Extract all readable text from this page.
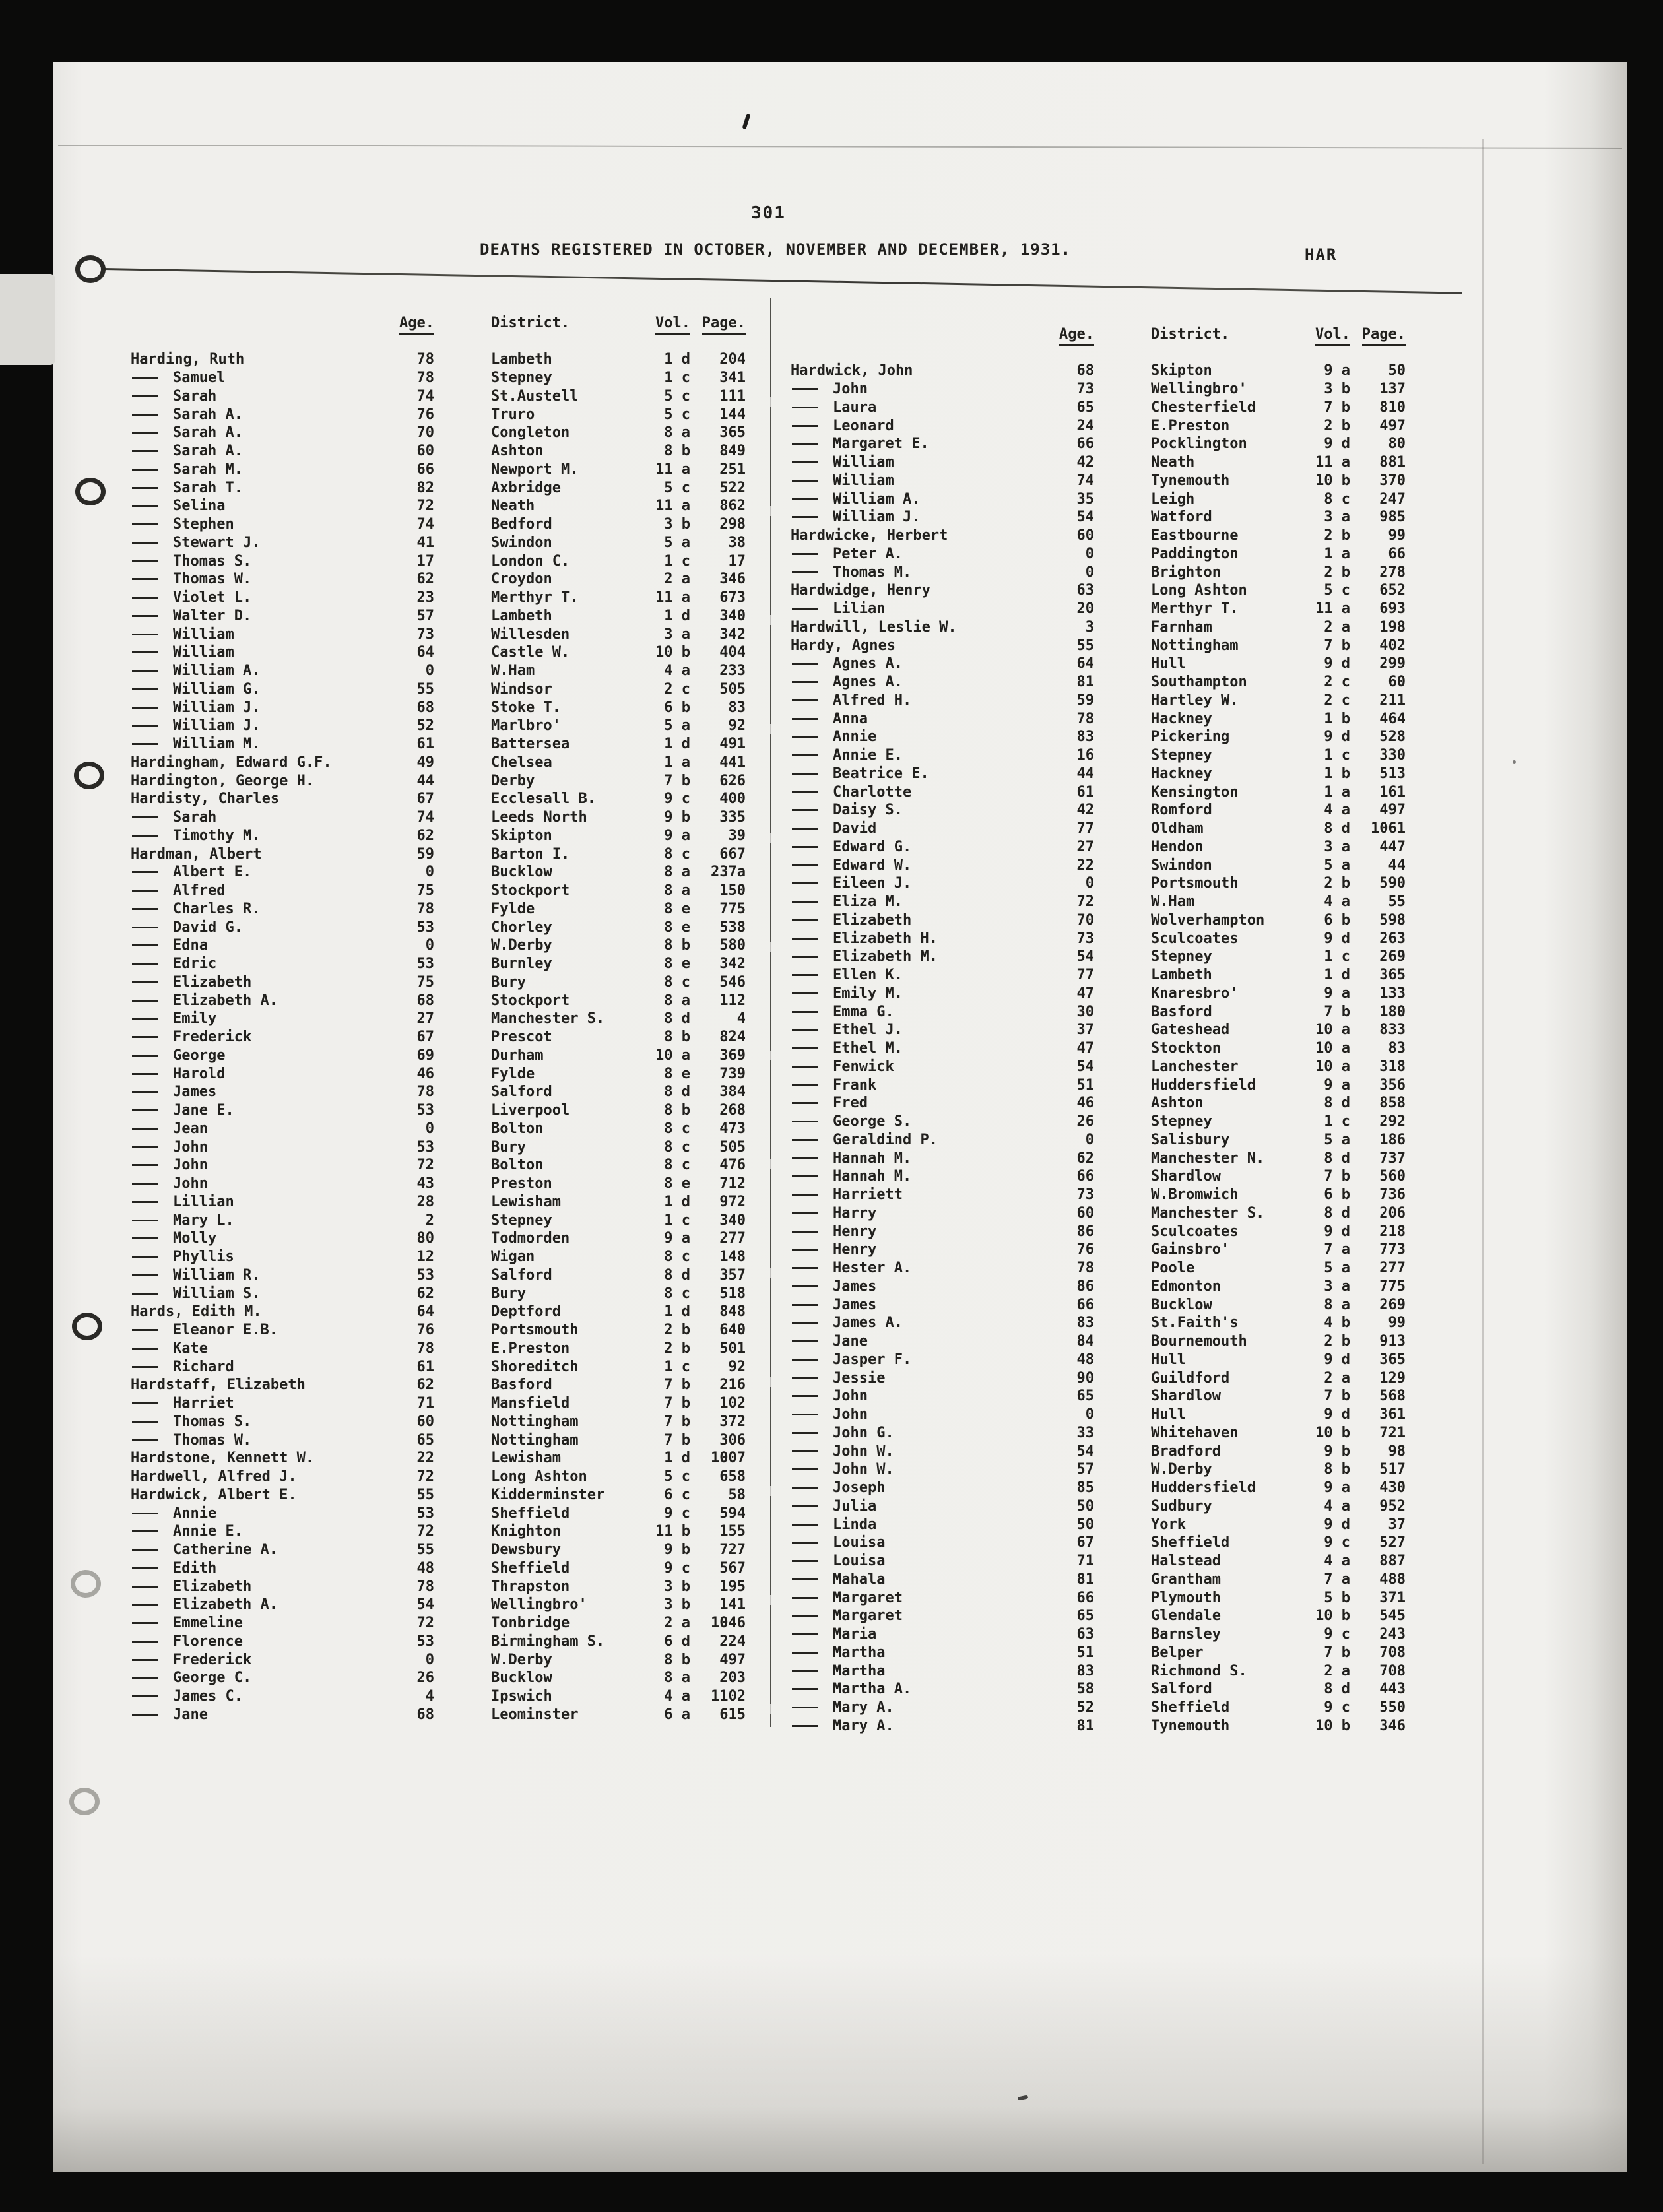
301
DEATHS REGISTERED IN OCTOBER, NOVEMBER AND DECEMBER, 1931.	HAR
Age.	District.	Vol. Page.
Harding, Ruth	78	Lambeth	1 d	204
Samuel	78	Stepney	1 c	341
Sarah	74	St.Austell	5 c	111
Sarah A.	76	Truro	5 c	144
Sarah A.	70	Congleton	8 a	365
Sarah A.	60	Ashton	8 b	849
Sarah M.	66	Newport M.	11 a	251
Sarah T.	82	Axbridge	5 c	522
Selina	72	Neath	11 a	862
Stephen	74	Bedford	3 b	298
Stewart J.	41	Swindon	5 a	38
Thomas S.	17	London C.	1 c	17
Thomas W.	62	Croydon	2 a	346
Violet L.	23	Merthyr T.	11 a	673
Walter D.	57	Lambeth	1 d	340
William	73	Willesden	3 a	342
William	64	Castle W.	10 b	404
William A.	0	W.Ham	4 a	233
William G.	55	Windsor	2 c	505
William J.	68	Stoke T.	6 b	83
William J.	52	Marlbro'	5 a	92
William M.	61	Battersea	1 d	491
Hardingham, Edward G.F.	49	Chelsea	1 a	441
Hardington, George H.	44	Derby	7 b	626
Hardisty, Charles	67	Ecclesall B.	9 c	400
Sarah	74	Leeds North	9 b	335
Timothy M.	62	Skipton	9 a	39
Hardman, Albert	59	Barton I.	8 c	667
Albert E.	0	Bucklow	8 a	237a
Alfred	75	Stockport	8 a	150
Charles R.	78	Fylde	8 e	775
David G.	53	Chorley	8 e	538
Edna	0	W.Derby	8 b	580
Edric	53	Burnley	8 e	342
Elizabeth	75	Bury	8 c	546
Elizabeth A.	68	Stockport	8 a	112
Emily	27	Manchester S.	8 d	4
Frederick	67	Prescot	8 b	824
George	69	Durham	10 a	369
Harold	46	Fylde	8 e	739
James	78	Salford	8 d	384
Jane E.	53	Liverpool	8 b	268
Jean	0	Bolton	8 c	473
John	53	Bury	8 c	505
John	72	Bolton	8 c	476
John	43	Preston	8 e	712
Lillian	28	Lewisham	1 d	972
Mary L.	2	Stepney	1 c	340
Molly	80	Todmorden	9 a	277
Phyllis	12	Wigan	8 c	148
William R.	53	Salford	8 d	357
William S.	62	Bury	8 c	518
Hards, Edith M.	64	Deptford	1 d	848
Eleanor E.B.	76	Portsmouth	2 b	640
Kate	78	E.Preston	2 b	501
Richard	61	Shoreditch	1 c	92
Hardstaff, Elizabeth	62	Basford	7 b	216
Harriet	71	Mansfield	7 b	102
Thomas S.	60	Nottingham	7 b	372
Thomas W.	65	Nottingham	7 b	306
Hardstone, Kennett W.	22	Lewisham	1 d	1007
Hardwell, Alfred J.	72	Long Ashton	5 c	658
Hardwick, Albert E.	55	Kidderminster	6 c	58
Annie	53	Sheffield	9 c	594
Annie E.	72	Knighton	11 b	155
Catherine A.	55	Dewsbury	9 b	727
Edith	48	Sheffield	9 c	567
Elizabeth	78	Thrapston	3 b	195
Elizabeth A.	54	Wellingbro'	3 b	141
Emmeline	72	Tonbridge	2 a	1046
Florence	53	Birmingham S.	6 d	224
Frederick	0	W.Derby	8 b	497
George C.	26	Bucklow	8 a	203
James C.	4	Ipswich	4 a	1102
Jane	68	Leominster	6 a	615
Age.	District.	Vol. Page.
Hardwick, John	68	Skipton	9 a	50
John	73	Wellingbro'	3 b	137
Laura	65	Chesterfield	7 b	810
Leonard	24	E.Preston	2 b	497
Margaret E.	66	Pocklington	9 d	80
William	42	Neath	11 a	881
William	74	Tynemouth	10 b	370
William A.	35	Leigh	8 c	247
William J.	54	Watford	3 a	985
Hardwicke, Herbert	60	Eastbourne	2 b	99
Peter A.	0	Paddington	1 a	66
Thomas M.	0	Brighton	2 b	278
Hardwidge, Henry	63	Long Ashton	5 c	652
Lilian	20	Merthyr T.	11 a	693
Hardwill, Leslie W.	3	Farnham	2 a	198
Hardy, Agnes	55	Nottingham	7 b	402
Agnes A.	64	Hull	9 d	299
Agnes A.	81	Southampton	2 c	60
Alfred H.	59	Hartley W.	2 c	211
Anna	78	Hackney	1 b	464
Annie	83	Pickering	9 d	528
Annie E.	16	Stepney	1 c	330
Beatrice E.	44	Hackney	1 b	513
Charlotte	61	Kensington	1 a	161
Daisy S.	42	Romford	4 a	497
David	77	Oldham	8 d	1061
Edward G.	27	Hendon	3 a	447
Edward W.	22	Swindon	5 a	44
Eileen J.	0	Portsmouth	2 b	590
Eliza M.	72	W.Ham	4 a	55
Elizabeth	70	Wolverhampton	6 b	598
Elizabeth H.	73	Sculcoates	9 d	263
Elizabeth M.	54	Stepney	1 c	269
Ellen K.	77	Lambeth	1 d	365
Emily M.	47	Knaresbro'	9 a	133
Emma G.	30	Basford	7 b	180
Ethel J.	37	Gateshead	10 a	833
Ethel M.	47	Stockton	10 a	83
Fenwick	54	Lanchester	10 a	318
Frank	51	Huddersfield	9 a	356
Fred	46	Ashton	8 d	858
George S.	26	Stepney	1 c	292
Geraldind P.	0	Salisbury	5 a	186
Hannah M.	62	Manchester N.	8 d	737
Hannah M.	66	Shardlow	7 b	560
Harriett	73	W.Bromwich	6 b	736
Harry	60	Manchester S.	8 d	206
Henry	86	Sculcoates	9 d	218
Henry	76	Gainsbro'	7 a	773
Hester A.	78	Poole	5 a	277
James	86	Edmonton	3 a	775
James	66	Bucklow	8 a	269
James A.	83	St.Faith's	4 b	99
Jane	84	Bournemouth	2 b	913
Jasper F.	48	Hull	9 d	365
Jessie	90	Guildford	2 a	129
John	65	Shardlow	7 b	568
John	0	Hull	9 d	361
John G.	33	Whitehaven	10 b	721
John W.	54	Bradford	9 b	98
John W.	57	W.Derby	8 b	517
Joseph	85	Huddersfield	9 a	430
Julia	50	Sudbury	4 a	952
Linda	50	York	9 d	37
Louisa	67	Sheffield	9 c	527
Louisa	71	Halstead	4 a	887
Mahala	81	Grantham	7 a	488
Margaret	66	Plymouth	5 b	371
Margaret	65	Glendale	10 b	545
Maria	63	Barnsley	9 c	243
Martha	51	Belper	7 b	708
Martha	83	Richmond S.	2 a	708
Martha A.	58	Salford	8 d	443
Mary A.	52	Sheffield	9 c	550
Mary A.	81	Tynemouth	10 b	346
